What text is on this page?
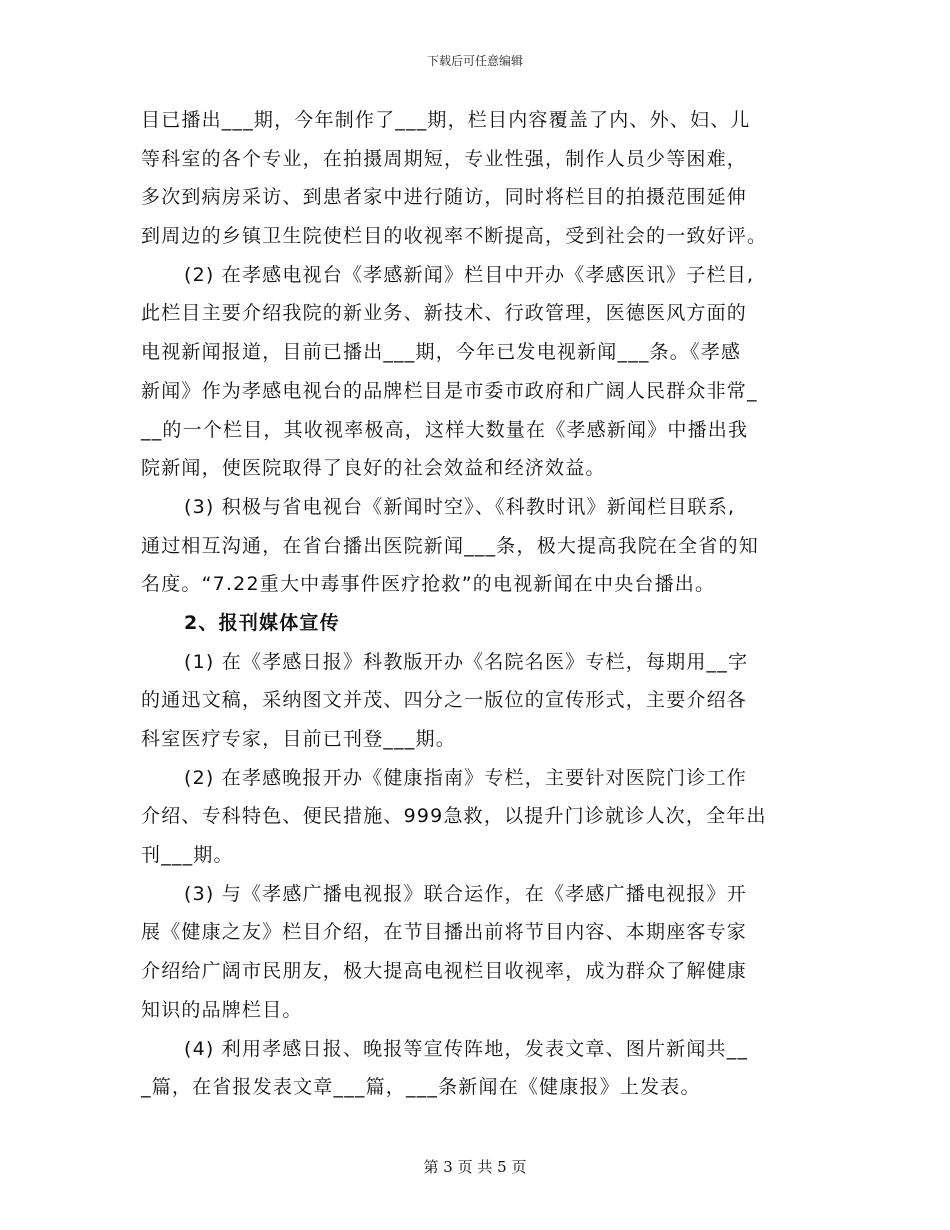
下载后可任意编辑
目已播出___期，今年制作了___期，栏目内容覆盖了内、外、妇、儿
等科室的各个专业，在拍摄周期短，专业性强，制作人员少等困难，
多次到病房采访、到患者家中进行随访，同时将栏目的拍摄范围延伸
到周边的乡镇卫生院使栏目的收视率不断提高，受到社会的一致好评。
(2) 在孝感电视台《孝感新闻》栏目中开办《孝感医讯》子栏目,
此栏目主要介绍我院的新业务、新技术、行政管理，医德医风方面的
电视新闻报道，目前已播出___期，今年已发电视新闻___条。《孝感
新闻》作为孝感电视台的品牌栏目是市委市政府和广阔人民群众非常_
__的一个栏目，其收视率极高，这样大数量在《孝感新闻》中播出我
院新闻，使医院取得了良好的社会效益和经济效益。
(3) 积极与省电视台《新闻时空》、《科教时讯》新闻栏目联系,
通过相互沟通，在省台播出医院新闻___条，极大提高我院在全省的知
名度。“7.22重大中毒事件医疗抢救”的电视新闻在中央台播出。
2、报刊媒体宣传
(1) 在《孝感日报》科教版开办《名院名医》专栏，每期用__字
的通迅文稿，采纳图文并茂、四分之一版位的宣传形式，主要介绍各
科室医疗专家，目前已刊登___期。
(2) 在孝感晚报开办《健康指南》专栏，主要针对医院门诊工作
介绍、专科特色、便民措施、999急救，以提升门诊就诊人次，全年出
刊___期。
(3) 与《孝感广播电视报》联合运作，在《孝感广播电视报》开
展《健康之友》栏目介绍，在节目播出前将节目内容、本期座客专家
介绍给广阔市民朋友，极大提高电视栏目收视率，成为群众了解健康
知识的品牌栏目。
(4) 利用孝感日报、晚报等宣传阵地，发表文章、图片新闻共__
_篇，在省报发表文章___篇，___条新闻在《健康报》上发表。
第 3 页 共 5 页
